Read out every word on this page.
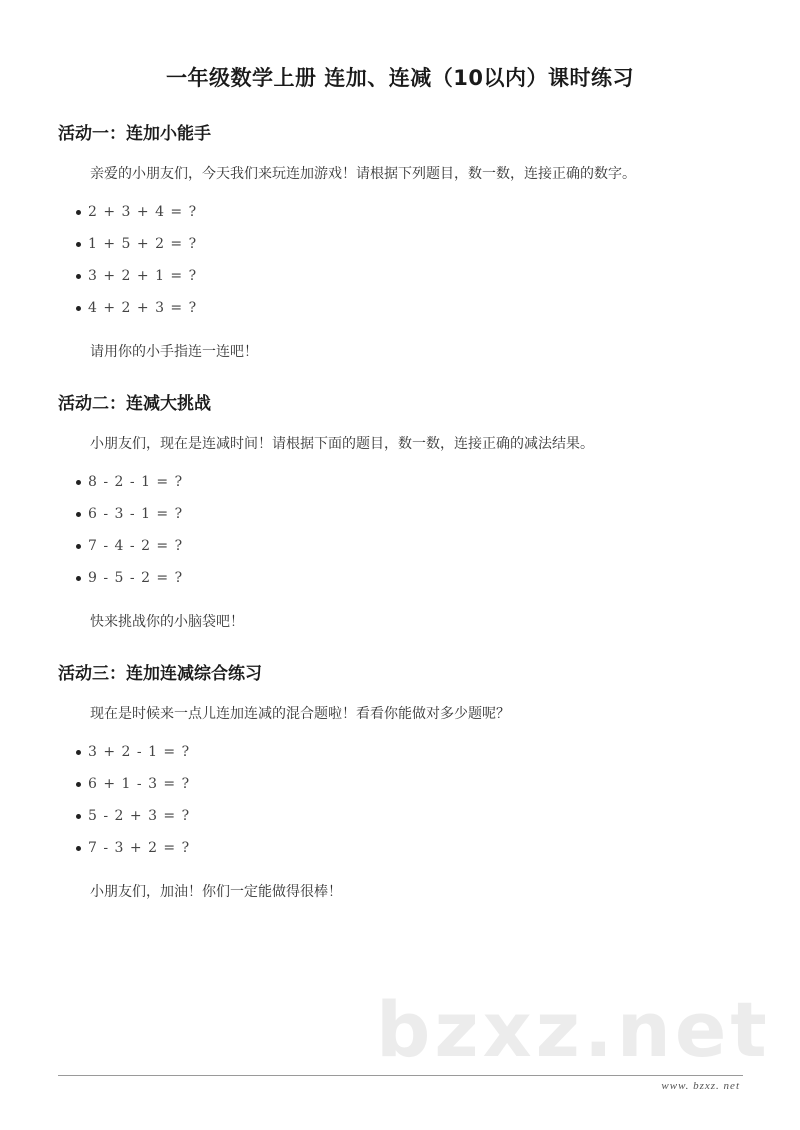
一年级数学上册 连加、连减（10以内）课时练习
活动一：连加小能手

亲爱的小朋友们，今天我们来玩连加游戏！请根据下列题目，数一数，连接正确的数字。

2 + 3 + 4 = ?
1 + 5 + 2 = ?
3 + 2 + 1 = ?
4 + 2 + 3 = ?

请用你的小手指连一连吧！

活动二：连减大挑战

小朋友们，现在是连减时间！请根据下面的题目，数一数，连接正确的减法结果。

8 - 2 - 1 = ?
6 - 3 - 1 = ?
7 - 4 - 2 = ?
9 - 5 - 2 = ?

快来挑战你的小脑袋吧！

活动三：连加连减综合练习

现在是时候来一点儿连加连减的混合题啦！看看你能做对多少题呢？

3 + 2 - 1 = ?
6 + 1 - 3 = ?
5 - 2 + 3 = ?
7 - 3 + 2 = ?

小朋友们，加油！你们一定能做得很棒！

bzxz.net
www. bzxz. net
